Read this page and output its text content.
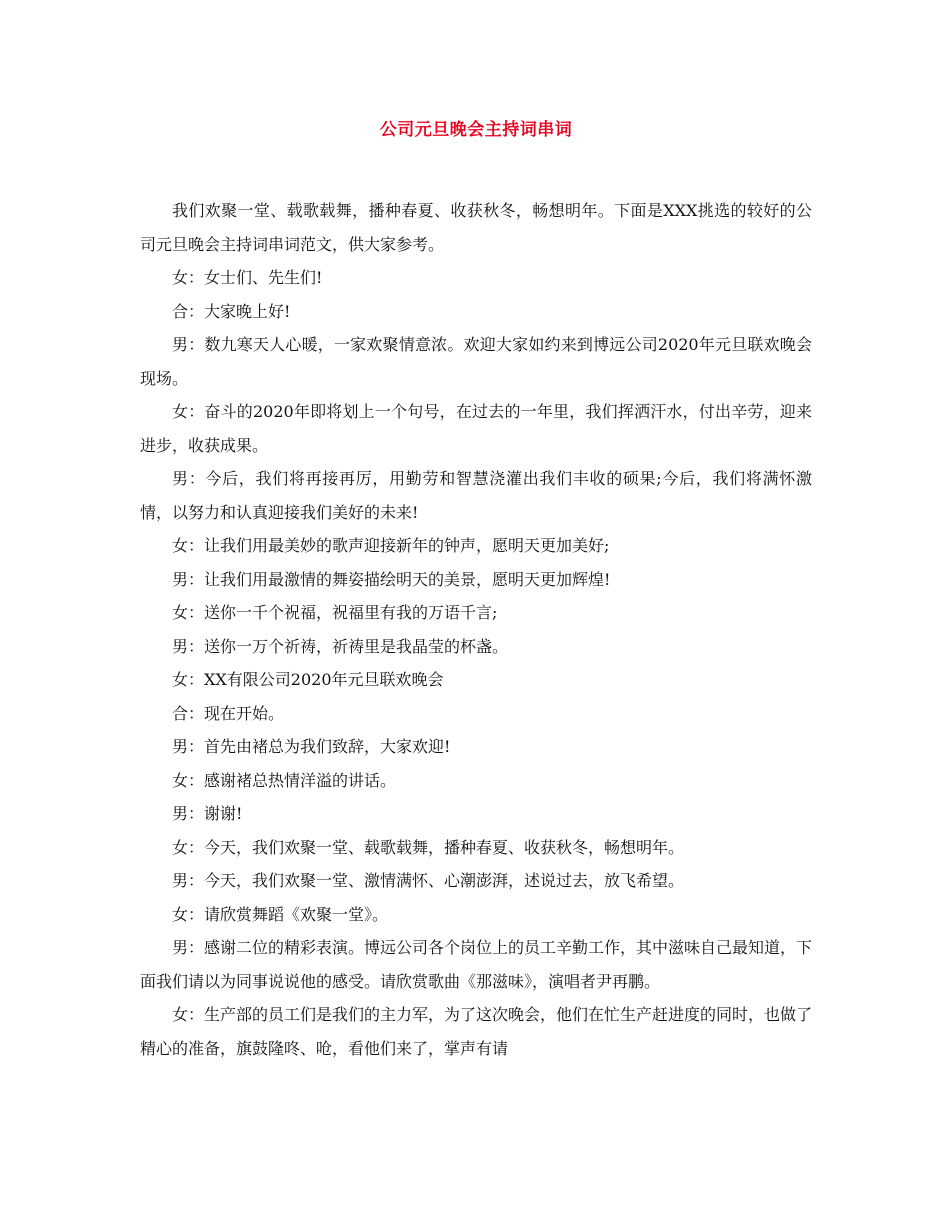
公司元旦晚会主持词串词

我们欢聚一堂、载歌载舞，播种春夏、收获秋冬，畅想明年。下面是XXX挑选的较好的公司元旦晚会主持词串词范文，供大家参考。

女：女士们、先生们!

合：大家晚上好!

男：数九寒天人心暖，一家欢聚情意浓。欢迎大家如约来到博远公司2020年元旦联欢晚会现场。

女：奋斗的2020年即将划上一个句号，在过去的一年里，我们挥洒汗水，付出辛劳，迎来进步，收获成果。

男：今后，我们将再接再厉，用勤劳和智慧浇灌出我们丰收的硕果;今后，我们将满怀激情，以努力和认真迎接我们美好的未来!

女：让我们用最美妙的歌声迎接新年的钟声，愿明天更加美好;

男：让我们用最激情的舞姿描绘明天的美景，愿明天更加辉煌!

女：送你一千个祝福，祝福里有我的万语千言;

男：送你一万个祈祷，祈祷里是我晶莹的杯盏。

女：XX有限公司2020年元旦联欢晚会

合：现在开始。

男：首先由褚总为我们致辞，大家欢迎!

女：感谢褚总热情洋溢的讲话。

男：谢谢!

女：今天，我们欢聚一堂、载歌载舞，播种春夏、收获秋冬，畅想明年。

男：今天，我们欢聚一堂、激情满怀、心潮澎湃，述说过去，放飞希望。

女：请欣赏舞蹈《欢聚一堂》。

男：感谢二位的精彩表演。博远公司各个岗位上的员工辛勤工作，其中滋味自己最知道，下面我们请以为同事说说他的感受。请欣赏歌曲《那滋味》，演唱者尹再鹏。

女：生产部的员工们是我们的主力军，为了这次晚会，他们在忙生产赶进度的同时，也做了精心的准备，旗鼓隆咚、呛，看他们来了，掌声有请
